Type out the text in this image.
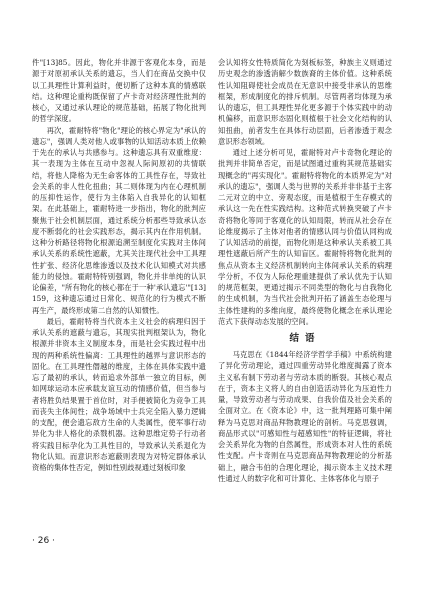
件"[13]85。因此，物化并非源于客观化本身，而是源于对原初承认关系的遗忘，当人们在商品交换中仅以工具理性计算利益时，便切断了这种本真的情感联结。这种理论重构既保留了卢卡奇对经济理性批判的核心，又通过承认理论的规范基础，拓展了物化批判的哲学深度。

再次，霍耐特将"物化"理论的核心界定为"承认的遗忘"，强调人类对他人或事物的认知活动本质上依赖于先在的承认与共感参与。这种遗忘具有双重维度：其一表现为主体在互动中忽视人际间原初的共情联结，将他人降格为无生命客体的工具性存在，导致社会关系的非人性化扭曲；其二则体现为内在心理机制的压抑性运作，使行为主体陷入自我异化的认知框架。在此基础上，霍耐特进一步指出，物化的批判应聚焦于社会机制层面，通过系统分析那些导致承认态度不断弱化的社会实践形态，揭示其内在作用机制。这种分析路径将物化根源追溯至制度化实践对主体间承认关系的系统性遮蔽，尤其关注现代社会中工具理性扩张、经济化思维渗透以及技术化认知模式对共感能力的侵蚀。霍耐特特别强调，物化并非单纯的认识论偏差，"所有物化的核心都在于一种'承认遗忘'"[13]159，这种遗忘通过日常化、规范化的行为模式不断再生产，最终形成第二自然的认知惯性。

最后，霍耐特将当代资本主义社会的病理归因于承认关系的遮蔽与遗忘，其现实批判框架认为，物化根源并非资本主义制度本身，而是社会实践过程中出现的两种系统性偏离：工具理性的越界与意识形态的固化。在工具理性僭越的维度，主体在具体实践中遗忘了最初的承认，转而追求外部单一独立的目标，例如网球运动本应承载友谊互动的情感价值，但当参与者将胜负结果置于首位时，对手便被简化为竞争工具而丧失主体间性；战争场域中士兵完全陷入暴力逻辑的支配，便会遗忘敌方生命的人类属性，使军事行动异化为非人格化的杀戮机器。这种思维定势子行动者将实践目标孕化为工具性目的，导致承认关系退化为物化认知。而意识形态遮蔽则表现为对特定群体承认资格的集体性否定，例如性别歧视通过刻板印象

会认知将女性特质简化为刻板标签，种族主义则通过历史观念的渗透消解少数族裔的主体价值。这种系统性认知阻碍使社会成员在无意识中接受非承认的思维框架，形成制度化的排斥机制。尽管两者均体现为承认的遗忘，但工具理性异化更多源于个体实践中的动机偏移，而意识形态固化则植根于社会文化结构的认知扭曲，前者发生在具体行动层面，后者渗透于观念意识形态领域。

通过上述分析可见，霍耐特对卢卡奇物化理论的批判并非简单否定，而是试图通过重构其规范基础实现概念的"再实现化"。霍耐特将物化的本质界定为"对承认的遗忘"，强调人类与世界的关系并非非基于主客二元对立的中立、旁观态度，而是植根于生存模式的承认这一先在性实践结构。这种范式转换突破了卢卡奇将物化等同于客观化的认知局限，转而从社会存在论维度揭示了主体对他者的情感认同与价值认同构成了认知活动的前提，而物化则是这种承认关系被工具理性遮蔽后所产生的认知盲区。霍耐特将物化批判的焦点从资本主义经济机制转向主体间承认关系的病理学分析，不仅为人际伦理重建提供了承认优先于认知的规范框架，更通过揭示不同类型的物化与自我物化的生成机制，为当代社会批判开拓了涵盖生态伦理与主体性建构的多维向度，最终使物化概念在承认理论范式下获得动态发展的空间。

结语

马克思在《1844年经济学哲学手稿》中系统构建了异化劳动理论，通过四重劳动异化维度揭露了资本主义私有制下劳动者与劳动本质的断裂。其核心观点在于，资本主义将人的自由创造活动异化为压迫性力量，导致劳动者与劳动成果、自我价值及社会关系的全面对立。在《资本论》中，这一批判理路可集中阐释为马克思对商品拜物教理论的剖析。马克思强调，商品形式以"可感知性与超感知性"的特征逻辑，将社会关系异化为物的自然属性，形成资本对人性的系统性支配。卢卡奇则在马克思商品拜物教理论的分析基础上，融合韦伯的合理化理论，揭示资本主义技术理性通过人的数字化和可计算化、主体客体化与原子

· 26 ·
